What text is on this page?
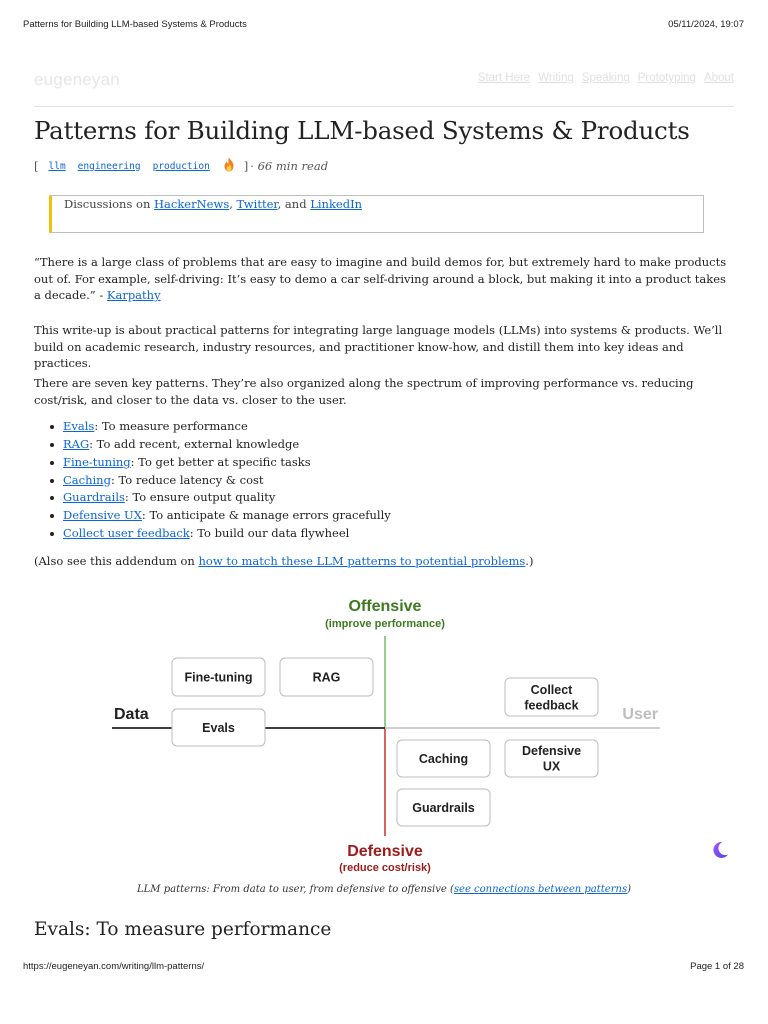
Patterns for Building LLM-based Systems & Products	05/11/2024, 19:07
eugeneyan	Start Here Writing Speaking Prototyping About
Patterns for Building LLM-based Systems & Products
[ llm engineering production	] · 66 min read
Discussions on HackerNews, Twitter, and LinkedIn

“There is a large class of problems that are easy to imagine and build demos for, but extremely hard to make products out of. For example, self-driving: It’s easy to demo a car self-driving around a block, but making it into a product takes a decade.” - Karpathy

This write-up is about practical patterns for integrating large language models (LLMs) into systems & products. We’ll build on academic research, industry resources, and practitioner know-how, and distill them into key ideas and practices.

There are seven key patterns. They’re also organized along the spectrum of improving performance vs. reducing cost/risk, and closer to the data vs. closer to the user.

Evals: To measure performance
RAG: To add recent, external knowledge
Fine-tuning: To get better at specific tasks
Caching: To reduce latency & cost
Guardrails: To ensure output quality
Defensive UX: To anticipate & manage errors gracefully
Collect user feedback: To build our data flywheel

(Also see this addendum on how to match these LLM patterns to potential problems.)

Offensive
(improve performance)
Defensive
(reduce cost/risk)
Data	User
Fine-tuning	RAG
Collect feedback
Evals
Caching
Defensive UX
Guardrails

LLM patterns: From data to user, from defensive to offensive (see connections between patterns)

Evals: To measure performance
https://eugeneyan.com/writing/llm-patterns/	Page 1 of 28
